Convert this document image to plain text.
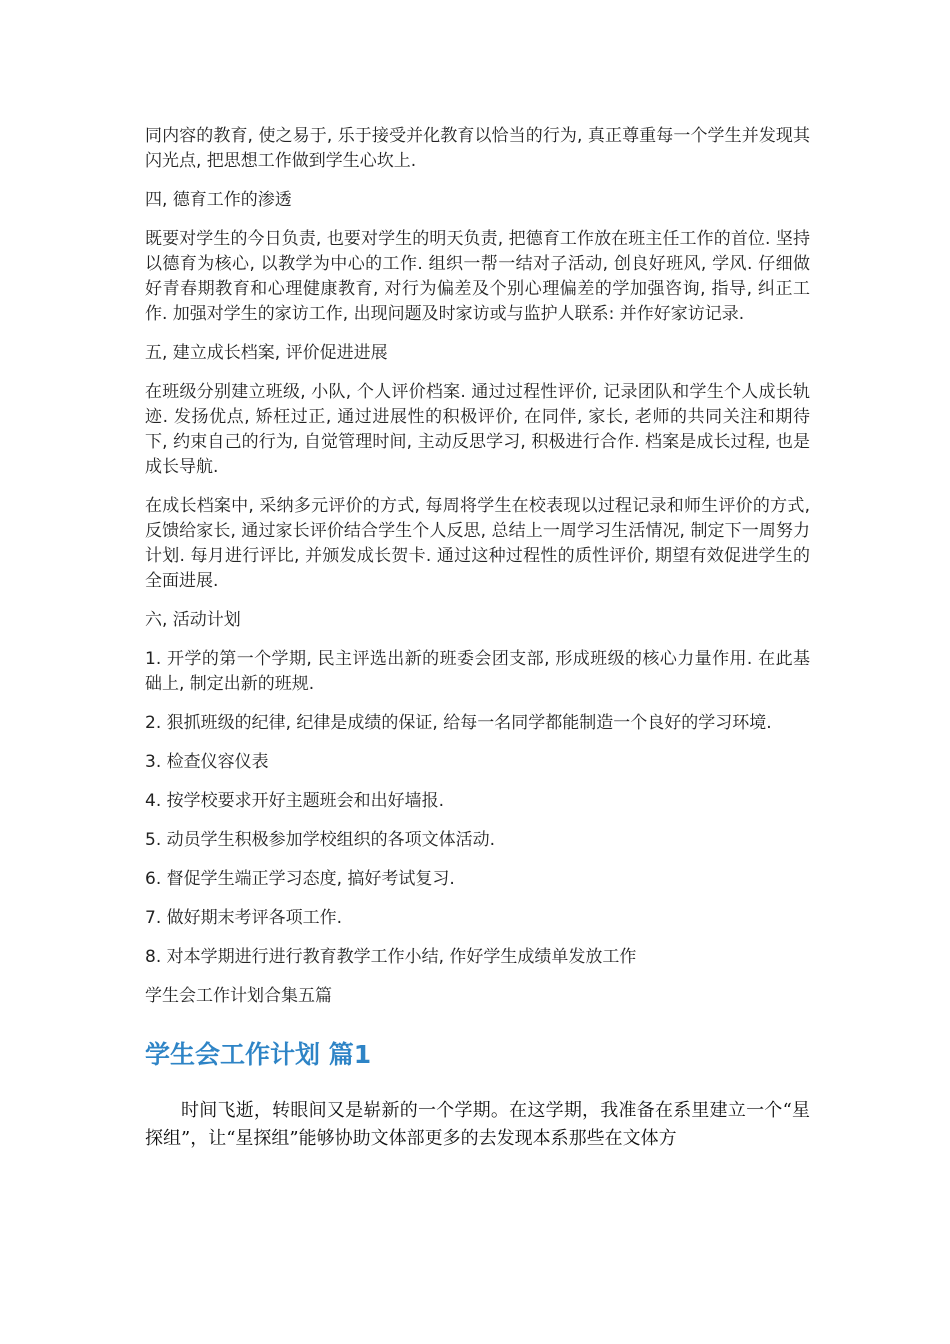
同内容的教育, 使之易于, 乐于接受并化教育以恰当的行为, 真正尊重每一个学生并发现其闪光点, 把思想工作做到学生心坎上.

四, 德育工作的渗透

既要对学生的今日负责, 也要对学生的明天负责, 把德育工作放在班主任工作的首位. 坚持以德育为核心, 以教学为中心的工作. 组织一帮一结对子活动, 创良好班风, 学风. 仔细做好青春期教育和心理健康教育, 对行为偏差及个别心理偏差的学加强咨询, 指导, 纠正工作. 加强对学生的家访工作, 出现问题及时家访或与监护人联系: 并作好家访记录.

五, 建立成长档案, 评价促进进展

在班级分别建立班级, 小队, 个人评价档案. 通过过程性评价, 记录团队和学生个人成长轨迹. 发扬优点, 矫枉过正, 通过进展性的积极评价, 在同伴, 家长, 老师的共同关注和期待下, 约束自己的行为, 自觉管理时间, 主动反思学习, 积极进行合作. 档案是成长过程, 也是成长导航.

在成长档案中, 采纳多元评价的方式, 每周将学生在校表现以过程记录和师生评价的方式, 反馈给家长, 通过家长评价结合学生个人反思, 总结上一周学习生活情况, 制定下一周努力计划. 每月进行评比, 并颁发成长贺卡. 通过这种过程性的质性评价, 期望有效促进学生的全面进展.

六, 活动计划

1. 开学的第一个学期, 民主评选出新的班委会团支部, 形成班级的核心力量作用. 在此基础上, 制定出新的班规.

2. 狠抓班级的纪律, 纪律是成绩的保证, 给每一名同学都能制造一个良好的学习环境.

3. 检查仪容仪表

4. 按学校要求开好主题班会和出好墙报.

5. 动员学生积极参加学校组织的各项文体活动.

6. 督促学生端正学习态度, 搞好考试复习.

7. 做好期末考评各项工作.

8. 对本学期进行进行教育教学工作小结, 作好学生成绩单发放工作

学生会工作计划合集五篇

学生会工作计划 篇1

时间飞逝，转眼间又是崭新的一个学期。在这学期，我准备在系里建立一个“星探组”，让“星探组”能够协助文体部更多的去发现本系那些在文体方
